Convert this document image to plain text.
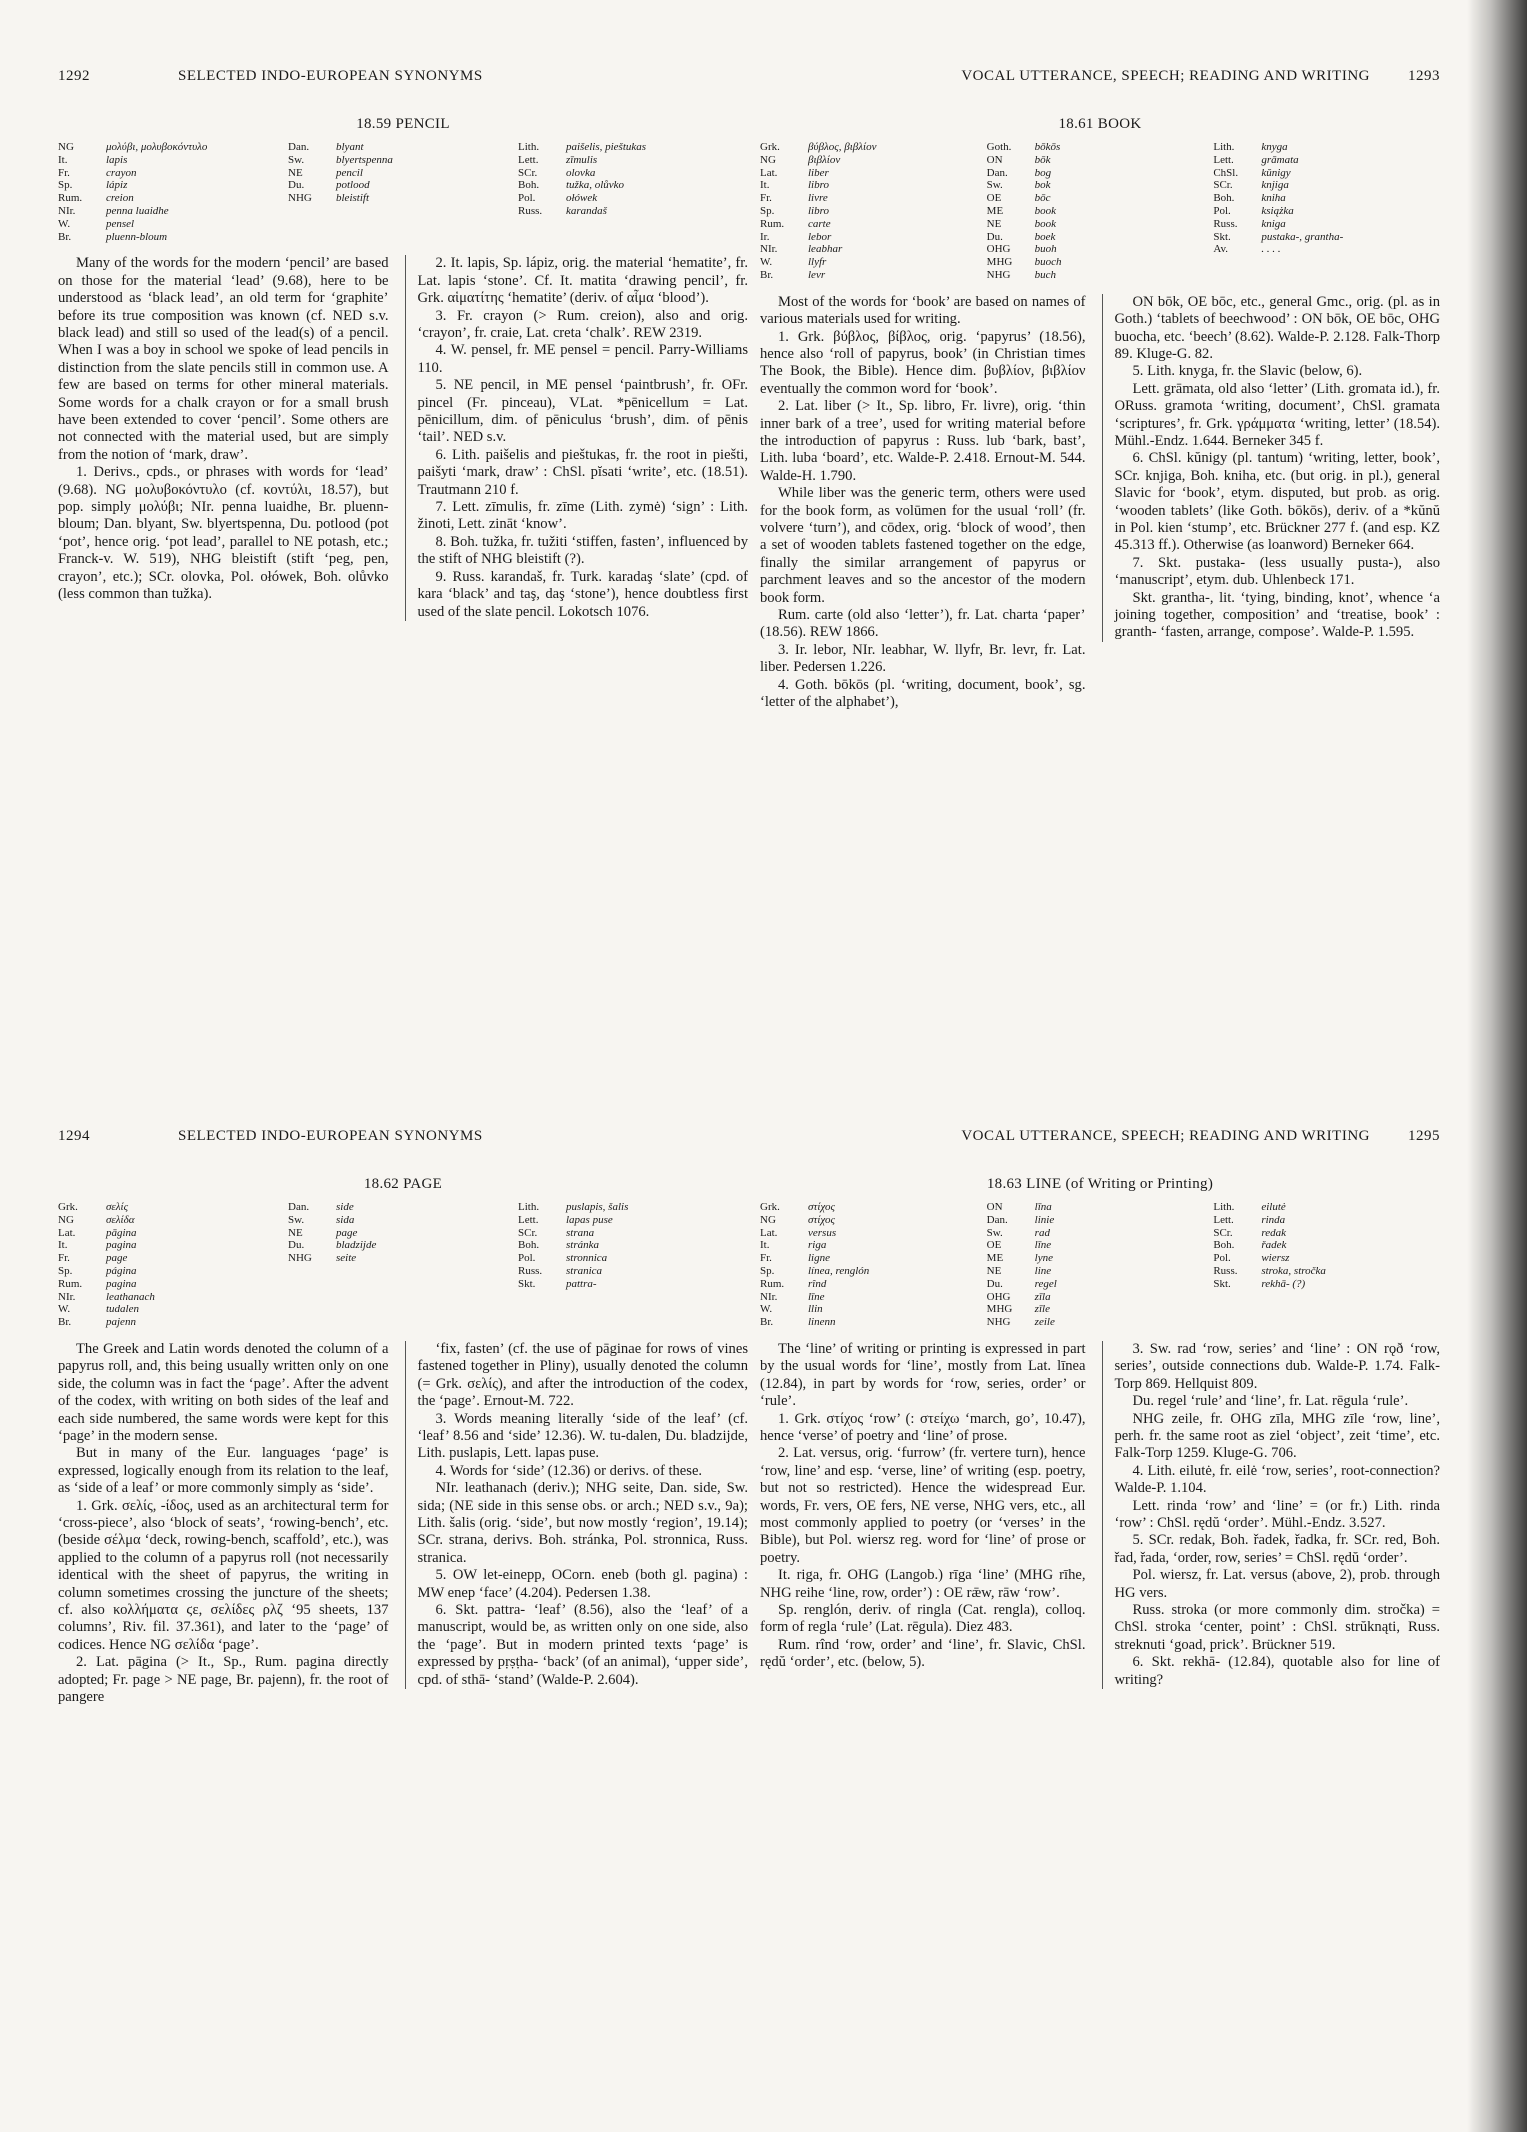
1292	SELECTED INDO-EUROPEAN SYNONYMS
18.59 PENCIL
NG	μολύβι, μολυβοκόντυλο
It.	lapis
Fr.	crayon
Sp.	lápiz
Rum.	creion
NIr.	penna luaidhe
W.	pensel
Br.	pluenn-bloum
Dan.	blyant
Sw.	blyertspenna
NE	pencil
Du.	potlood
NHG	bleistift
Lith.	paišelis, pieštukas
Lett.	zīmulis
SCr.	olovka
Boh.	tužka, olůvko
Pol.	ołówek
Russ.	karandaš

Many of the words for the modern ‘pencil’ are based on those for the material ‘lead’ (9.68), here to be understood as ‘black lead’, an old term for ‘graphite’ before its true composition was known (cf. NED s.v. black lead) and still so used of the lead(s) of a pencil. When I was a boy in school we spoke of lead pencils in distinction from the slate pencils still in common use. A few are based on terms for other mineral materials. Some words for a chalk crayon or for a small brush have been extended to cover ‘pencil’. Some others are not connected with the material used, but are simply from the notion of ‘mark, draw’.

1. Derivs., cpds., or phrases with words for ‘lead’ (9.68). NG μολυβοκόντυλο (cf. κοντύλι, 18.57), but pop. simply μολύβι; NIr. penna luaidhe, Br. pluenn-bloum; Dan. blyant, Sw. blyertspenna, Du. potlood (pot ‘pot’, hence orig. ‘pot lead’, parallel to NE potash, etc.; Franck-v. W. 519), NHG bleistift (stift ‘peg, pen, crayon’, etc.); SCr. olovka, Pol. ołówek, Boh. olůvko (less common than tužka).

2. It. lapis, Sp. lápiz, orig. the material ‘hematite’, fr. Lat. lapis ‘stone’. Cf. It. matita ‘drawing pencil’, fr. Grk. αἱματίτης ‘hematite’ (deriv. of αἷμα ‘blood’).

3. Fr. crayon (> Rum. creion), also and orig. ‘crayon’, fr. craie, Lat. creta ‘chalk’. REW 2319.

4. W. pensel, fr. ME pensel = pencil. Parry-Williams 110.

5. NE pencil, in ME pensel ‘paintbrush’, fr. OFr. pincel (Fr. pinceau), VLat. *pēnicellum = Lat. pēnicillum, dim. of pēniculus ‘brush’, dim. of pēnis ‘tail’. NED s.v.

6. Lith. paišelis and pieštukas, fr. the root in piešti, paišyti ‘mark, draw’ : ChSl. pĭsati ‘write’, etc. (18.51). Trautmann 210 f.

7. Lett. zīmulis, fr. zīme (Lith. zymė) ‘sign’ : Lith. žinoti, Lett. zināt ‘know’.

8. Boh. tužka, fr. tužiti ‘stiffen, fasten’, influenced by the stift of NHG bleistift (?).

9. Russ. karandaš, fr. Turk. karadaş ‘slate’ (cpd. of kara ‘black’ and taş, daş ‘stone’), hence doubtless first used of the slate pencil. Lokotsch 1076.

1293
VOCAL UTTERANCE, SPEECH; READING AND WRITING
18.61 BOOK
Grk.	βύβλος, βιβλίον
NG	βιβλίον
Lat.	liber
It.	libro
Fr.	livre
Sp.	libro
Rum.	carte
Ir.	lebor
NIr.	leabhar
W.	llyfr
Br.	levr
Goth.	bōkōs
ON	bōk
Dan.	bog
Sw.	bok
OE	bōc
ME	book
NE	book
Du.	boek
OHG	buoh
MHG	buoch
NHG	buch
Lith.	knyga
Lett.	grāmata
ChSl.	kŭnigy
SCr.	knjiga
Boh.	kniha
Pol.	książka
Russ.	kniga
Skt.	pustaka-, grantha-
Av.	. . . .

Most of the words for ‘book’ are based on names of various materials used for writing.

1. Grk. βύβλος, βίβλος, orig. ‘papyrus’ (18.56), hence also ‘roll of papyrus, book’ (in Christian times The Book, the Bible). Hence dim. βυβλίον, βιβλίον eventually the common word for ‘book’.

2. Lat. liber (> It., Sp. libro, Fr. livre), orig. ‘thin inner bark of a tree’, used for writing material before the introduction of papyrus : Russ. lub ‘bark, bast’, Lith. luba ‘board’, etc. Walde-P. 2.418. Ernout-M. 544. Walde-H. 1.790.

While liber was the generic term, others were used for the book form, as volūmen for the usual ‘roll’ (fr. volvere ‘turn’), and cōdex, orig. ‘block of wood’, then a set of wooden tablets fastened together on the edge, finally the similar arrangement of papyrus or parchment leaves and so the ancestor of the modern book form.

Rum. carte (old also ‘letter’), fr. Lat. charta ‘paper’ (18.56). REW 1866.

3. Ir. lebor, NIr. leabhar, W. llyfr, Br. levr, fr. Lat. liber. Pedersen 1.226.

4. Goth. bōkōs (pl. ‘writing, document, book’, sg. ‘letter of the alphabet’),

ON bōk, OE bōc, etc., general Gmc., orig. (pl. as in Goth.) ‘tablets of beechwood’ : ON bōk, OE bōc, OHG buocha, etc. ‘beech’ (8.62). Walde-P. 2.128. Falk-Thorp 89. Kluge-G. 82.

5. Lith. knyga, fr. the Slavic (below, 6).

Lett. grāmata, old also ‘letter’ (Lith. gromata id.), fr. ORuss. gramota ‘writing, document’, ChSl. gramata ‘scriptures’, fr. Grk. γράμματα ‘writing, letter’ (18.54). Mühl.-Endz. 1.644. Berneker 345 f.

6. ChSl. kŭnigy (pl. tantum) ‘writing, letter, book’, SCr. knjiga, Boh. kniha, etc. (but orig. in pl.), general Slavic for ‘book’, etym. disputed, but prob. as orig. ‘wooden tablets’ (like Goth. bōkōs), deriv. of a *kŭnŭ in Pol. kien ‘stump’, etc. Brückner 277 f. (and esp. KZ 45.313 ff.). Otherwise (as loanword) Berneker 664.

7. Skt. pustaka- (less usually pusta-), also ‘manuscript’, etym. dub. Uhlenbeck 171.

Skt. grantha-, lit. ‘tying, binding, knot’, whence ‘a joining together, composition’ and ‘treatise, book’ : granth- ‘fasten, arrange, compose’. Walde-P. 1.595.

1294	SELECTED INDO-EUROPEAN SYNONYMS
18.62 PAGE
Grk.	σελίς
NG	σελίδα
Lat.	pāgina
It.	pagina
Fr.	page
Sp.	página
Rum.	pagina
NIr.	leathanach
W.	tudalen
Br.	pajenn
Dan.	side
Sw.	sida
NE	page
Du.	bladzijde
NHG	seite
Lith.	puslapis, šalis
Lett.	lapas puse
SCr.	strana
Boh.	stránka
Pol.	stronnica
Russ.	stranica
Skt.	pattra-

The Greek and Latin words denoted the column of a papyrus roll, and, this being usually written only on one side, the column was in fact the ‘page’. After the advent of the codex, with writing on both sides of the leaf and each side numbered, the same words were kept for this ‘page’ in the modern sense.

But in many of the Eur. languages ‘page’ is expressed, logically enough from its relation to the leaf, as ‘side of a leaf’ or more commonly simply as ‘side’.

1. Grk. σελίς, -ίδος, used as an architectural term for ‘cross-piece’, also ‘block of seats’, ‘rowing-bench’, etc. (beside σέλμα ‘deck, rowing-bench, scaffold’, etc.), was applied to the column of a papyrus roll (not necessarily identical with the sheet of papyrus, the writing in column sometimes crossing the juncture of the sheets; cf. also κολλήματα ϛε, σελίδες ρλζ ‘95 sheets, 137 columns’, Riv. fil. 37.361), and later to the ‘page’ of codices. Hence NG σελίδα ‘page’.

2. Lat. pāgina (> It., Sp., Rum. pagina directly adopted; Fr. page > NE page, Br. pajenn), fr. the root of pangere

‘fix, fasten’ (cf. the use of pāginae for rows of vines fastened together in Pliny), usually denoted the column (= Grk. σελίς), and after the introduction of the codex, the ‘page’. Ernout-M. 722.

3. Words meaning literally ‘side of the leaf’ (cf. ‘leaf’ 8.56 and ‘side’ 12.36). W. tu-dalen, Du. bladzijde, Lith. puslapis, Lett. lapas puse.

4. Words for ‘side’ (12.36) or derivs. of these.

NIr. leathanach (deriv.); NHG seite, Dan. side, Sw. sida; (NE side in this sense obs. or arch.; NED s.v., 9a); Lith. šalis (orig. ‘side’, but now mostly ‘region’, 19.14); SCr. strana, derivs. Boh. stránka, Pol. stronnica, Russ. stranica.

5. OW let-einepp, OCorn. eneb (both gl. pagina) : MW enep ‘face’ (4.204). Pedersen 1.38.

6. Skt. pattra- ‘leaf’ (8.56), also the ‘leaf’ of a manuscript, would be, as written only on one side, also the ‘page’. But in modern printed texts ‘page’ is expressed by pṛṣṭha- ‘back’ (of an animal), ‘upper side’, cpd. of sthā- ‘stand’ (Walde-P. 2.604).

1295
VOCAL UTTERANCE, SPEECH; READING AND WRITING
18.63 LINE (of Writing or Printing)
Grk.	στίχος
NG	στίχος
Lat.	versus
It.	riga
Fr.	ligne
Sp.	línea, renglón
Rum.	rînd
NIr.	līne
W.	llin
Br.	linenn
ON	līna
Dan.	linie
Sw.	rad
OE	līne
ME	lyne
NE	line
Du.	regel
OHG	zīla
MHG	zīle
NHG	zeile
Lith.	eilutė
Lett.	rinda
SCr.	redak
Boh.	řadek
Pol.	wiersz
Russ.	stroka, stročka
Skt.	rekhā- (?)

The ‘line’ of writing or printing is expressed in part by the usual words for ‘line’, mostly from Lat. līnea (12.84), in part by words for ‘row, series, order’ or ‘rule’.

1. Grk. στίχος ‘row’ (: στείχω ‘march, go’, 10.47), hence ‘verse’ of poetry and ‘line’ of prose.

2. Lat. versus, orig. ‘furrow’ (fr. vertere turn), hence ‘row, line’ and esp. ‘verse, line’ of writing (esp. poetry, but not so restricted). Hence the widespread Eur. words, Fr. vers, OE fers, NE verse, NHG vers, etc., all most commonly applied to poetry (or ‘verses’ in the Bible), but Pol. wiersz reg. word for ‘line’ of prose or poetry.

It. riga, fr. OHG (Langob.) rīga ‘line’ (MHG rīhe, NHG reihe ‘line, row, order’) : OE rǣw, rāw ‘row’.

Sp. renglón, deriv. of ringla (Cat. rengla), colloq. form of regla ‘rule’ (Lat. rēgula). Diez 483.

Rum. rînd ‘row, order’ and ‘line’, fr. Slavic, ChSl. rędŭ ‘order’, etc. (below, 5).

3. Sw. rad ‘row, series’ and ‘line’ : ON rǫð ‘row, series’, outside connections dub. Walde-P. 1.74. Falk-Torp 869. Hellquist 809.

Du. regel ‘rule’ and ‘line’, fr. Lat. rēgula ‘rule’.

NHG zeile, fr. OHG zīla, MHG zīle ‘row, line’, perh. fr. the same root as ziel ‘object’, zeit ‘time’, etc. Falk-Torp 1259. Kluge-G. 706.

4. Lith. eilutė, fr. eilė ‘row, series’, root-connection? Walde-P. 1.104.

Lett. rinda ‘row’ and ‘line’ = (or fr.) Lith. rinda ‘row’ : ChSl. rędŭ ‘order’. Mühl.-Endz. 3.527.

5. SCr. redak, Boh. řadek, řadka, fr. SCr. red, Boh. řad, řada, ‘order, row, series’ = ChSl. rędŭ ‘order’.

Pol. wiersz, fr. Lat. versus (above, 2), prob. through HG vers.

Russ. stroka (or more commonly dim. stročka) = ChSl. stroka ‘center, point’ : ChSl. strŭknąti, Russ. streknuti ‘goad, prick’. Brückner 519.

6. Skt. rekhā- (12.84), quotable also for line of writing?
